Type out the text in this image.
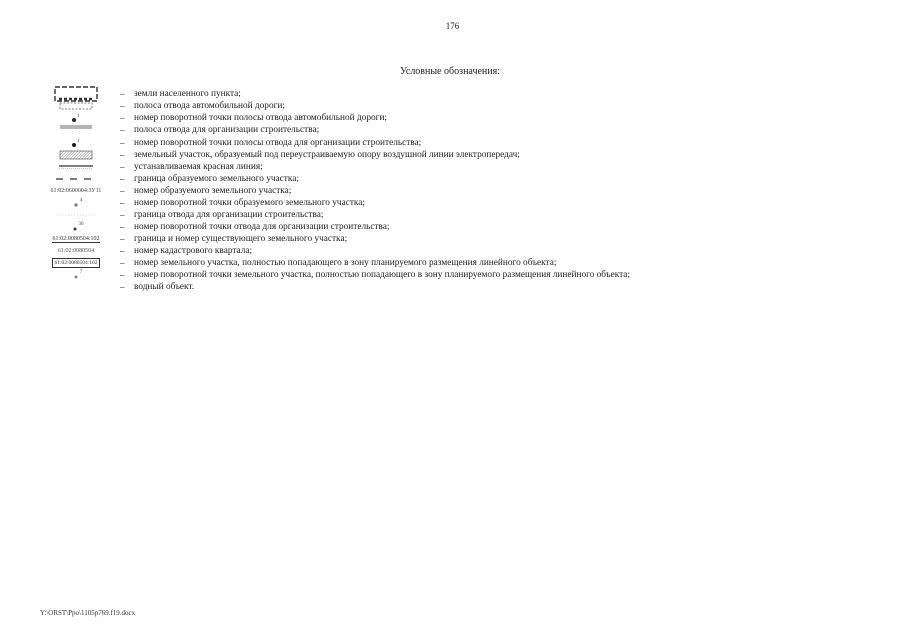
176
Условные обозначения:
–	земли населенного пункта;
–	полоса отвода автомобильной дороги;
1	–	номер поворотной точки полосы отвода автомобильной дороги;
–	полоса отвода для организации строительства;
1	–	номер поворотной точки полосы отвода для организации строительства;
–	земельный участок, образуемый под переустраиваемую опору воздушной линии электропередач;
–	устанавливаемая красная линия;
–	граница образуемого земельного участка;
61:02:0600004:ЗУ11 –	номер образуемого земельного участка;
4	–	номер поворотной точки образуемого земельного участка;
–	граница отвода для организации строительства;
30	–	номер поворотной точки отвода для организации строительства;
61:02:0080504:102 –	граница и номер существующего земельного участка;
61:02:0080504	–	номер кадастрового квартала;
61:02:0080504:102 –	номер земельного участка, полностью попадающего в зону планируемого размещения линейного объекта;
7	–	номер поворотной точки земельного участка, полностью попадающего в зону планируемого размещения линейного объекта;
–	водный объект.
Y:\ORST\Ppo\1105p769.f19.docx
